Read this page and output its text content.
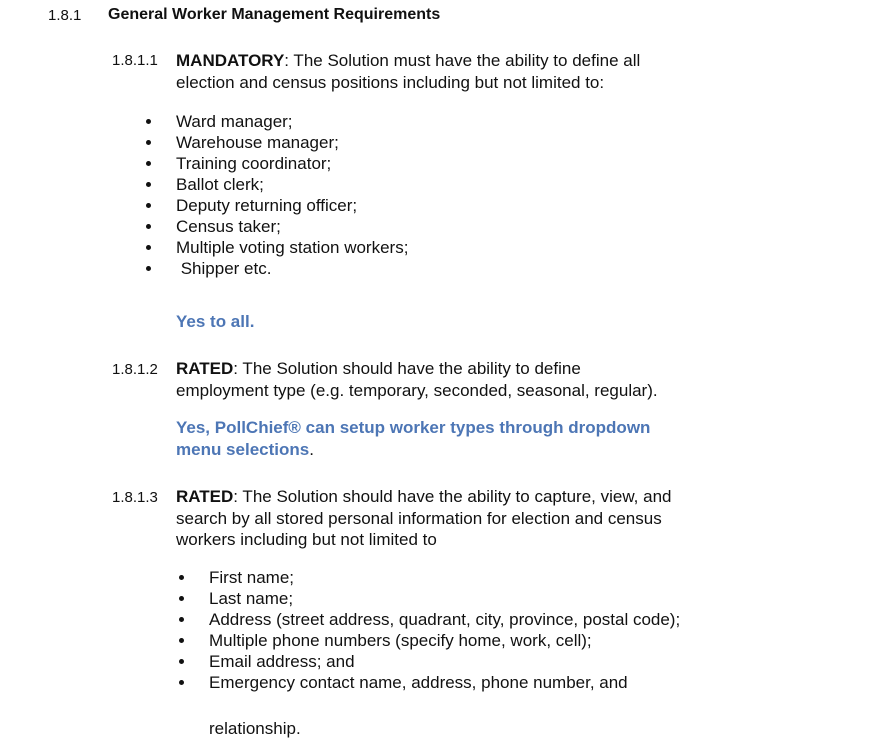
1.8.1 General Worker Management Requirements
1.8.1.1 MANDATORY: The Solution must have the ability to define all
election and census positions including but not limited to:
Ward manager;
Warehouse manager;
Training coordinator;
Ballot clerk;
Deputy returning officer;
Census taker;
Multiple voting station workers;
Shipper etc.
Yes to all.
1.8.1.2 RATED: The Solution should have the ability to define
employment type (e.g. temporary, seconded, seasonal, regular).
Yes, PollChief® can setup worker types through dropdown
menu selections.
1.8.1.3 RATED: The Solution should have the ability to capture, view, and
search by all stored personal information for election and census
workers including but not limited to
First name;
Last name;
Address (street address, quadrant, city, province, postal code);
Multiple phone numbers (specify home, work, cell);
Email address; and
Emergency contact name, address, phone number, and
relationship.
